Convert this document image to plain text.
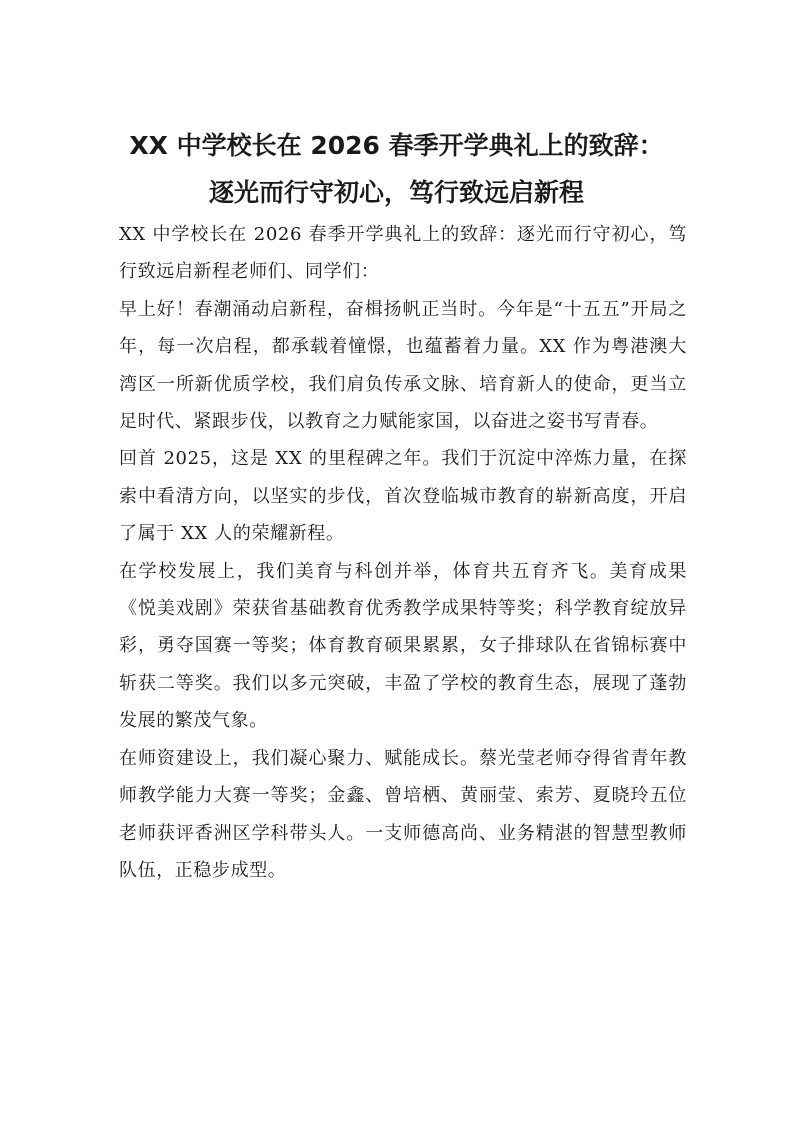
XX 中学校长在 2026 春季开学典礼上的致辞：
逐光而行守初心，笃行致远启新程

XX 中学校长在 2026 春季开学典礼上的致辞：逐光而行守初心，笃行致远启新程老师们、同学们：

早上好！春潮涌动启新程，奋楫扬帆正当时。今年是“十五五”开局之年，每一次启程，都承载着憧憬，也蕴蓄着力量。XX 作为粤港澳大湾区一所新优质学校，我们肩负传承文脉、培育新人的使命，更当立足时代、紧跟步伐，以教育之力赋能家国，以奋进之姿书写青春。

回首 2025，这是 XX 的里程碑之年。我们于沉淀中淬炼力量，在探索中看清方向，以坚实的步伐，首次登临城市教育的崭新高度，开启了属于 XX 人的荣耀新程。

在学校发展上，我们美育与科创并举，体育共五育齐飞。美育成果《悦美戏剧》荣获省基础教育优秀教学成果特等奖；科学教育绽放异彩，勇夺国赛一等奖；体育教育硕果累累，女子排球队在省锦标赛中斩获二等奖。我们以多元突破，丰盈了学校的教育生态，展现了蓬勃发展的繁茂气象。

在师资建设上，我们凝心聚力、赋能成长。蔡光莹老师夺得省青年教师教学能力大赛一等奖；金鑫、曾培栖、黄丽莹、索芳、夏晓玲五位老师获评香洲区学科带头人。一支师德高尚、业务精湛的智慧型教师队伍，正稳步成型。
